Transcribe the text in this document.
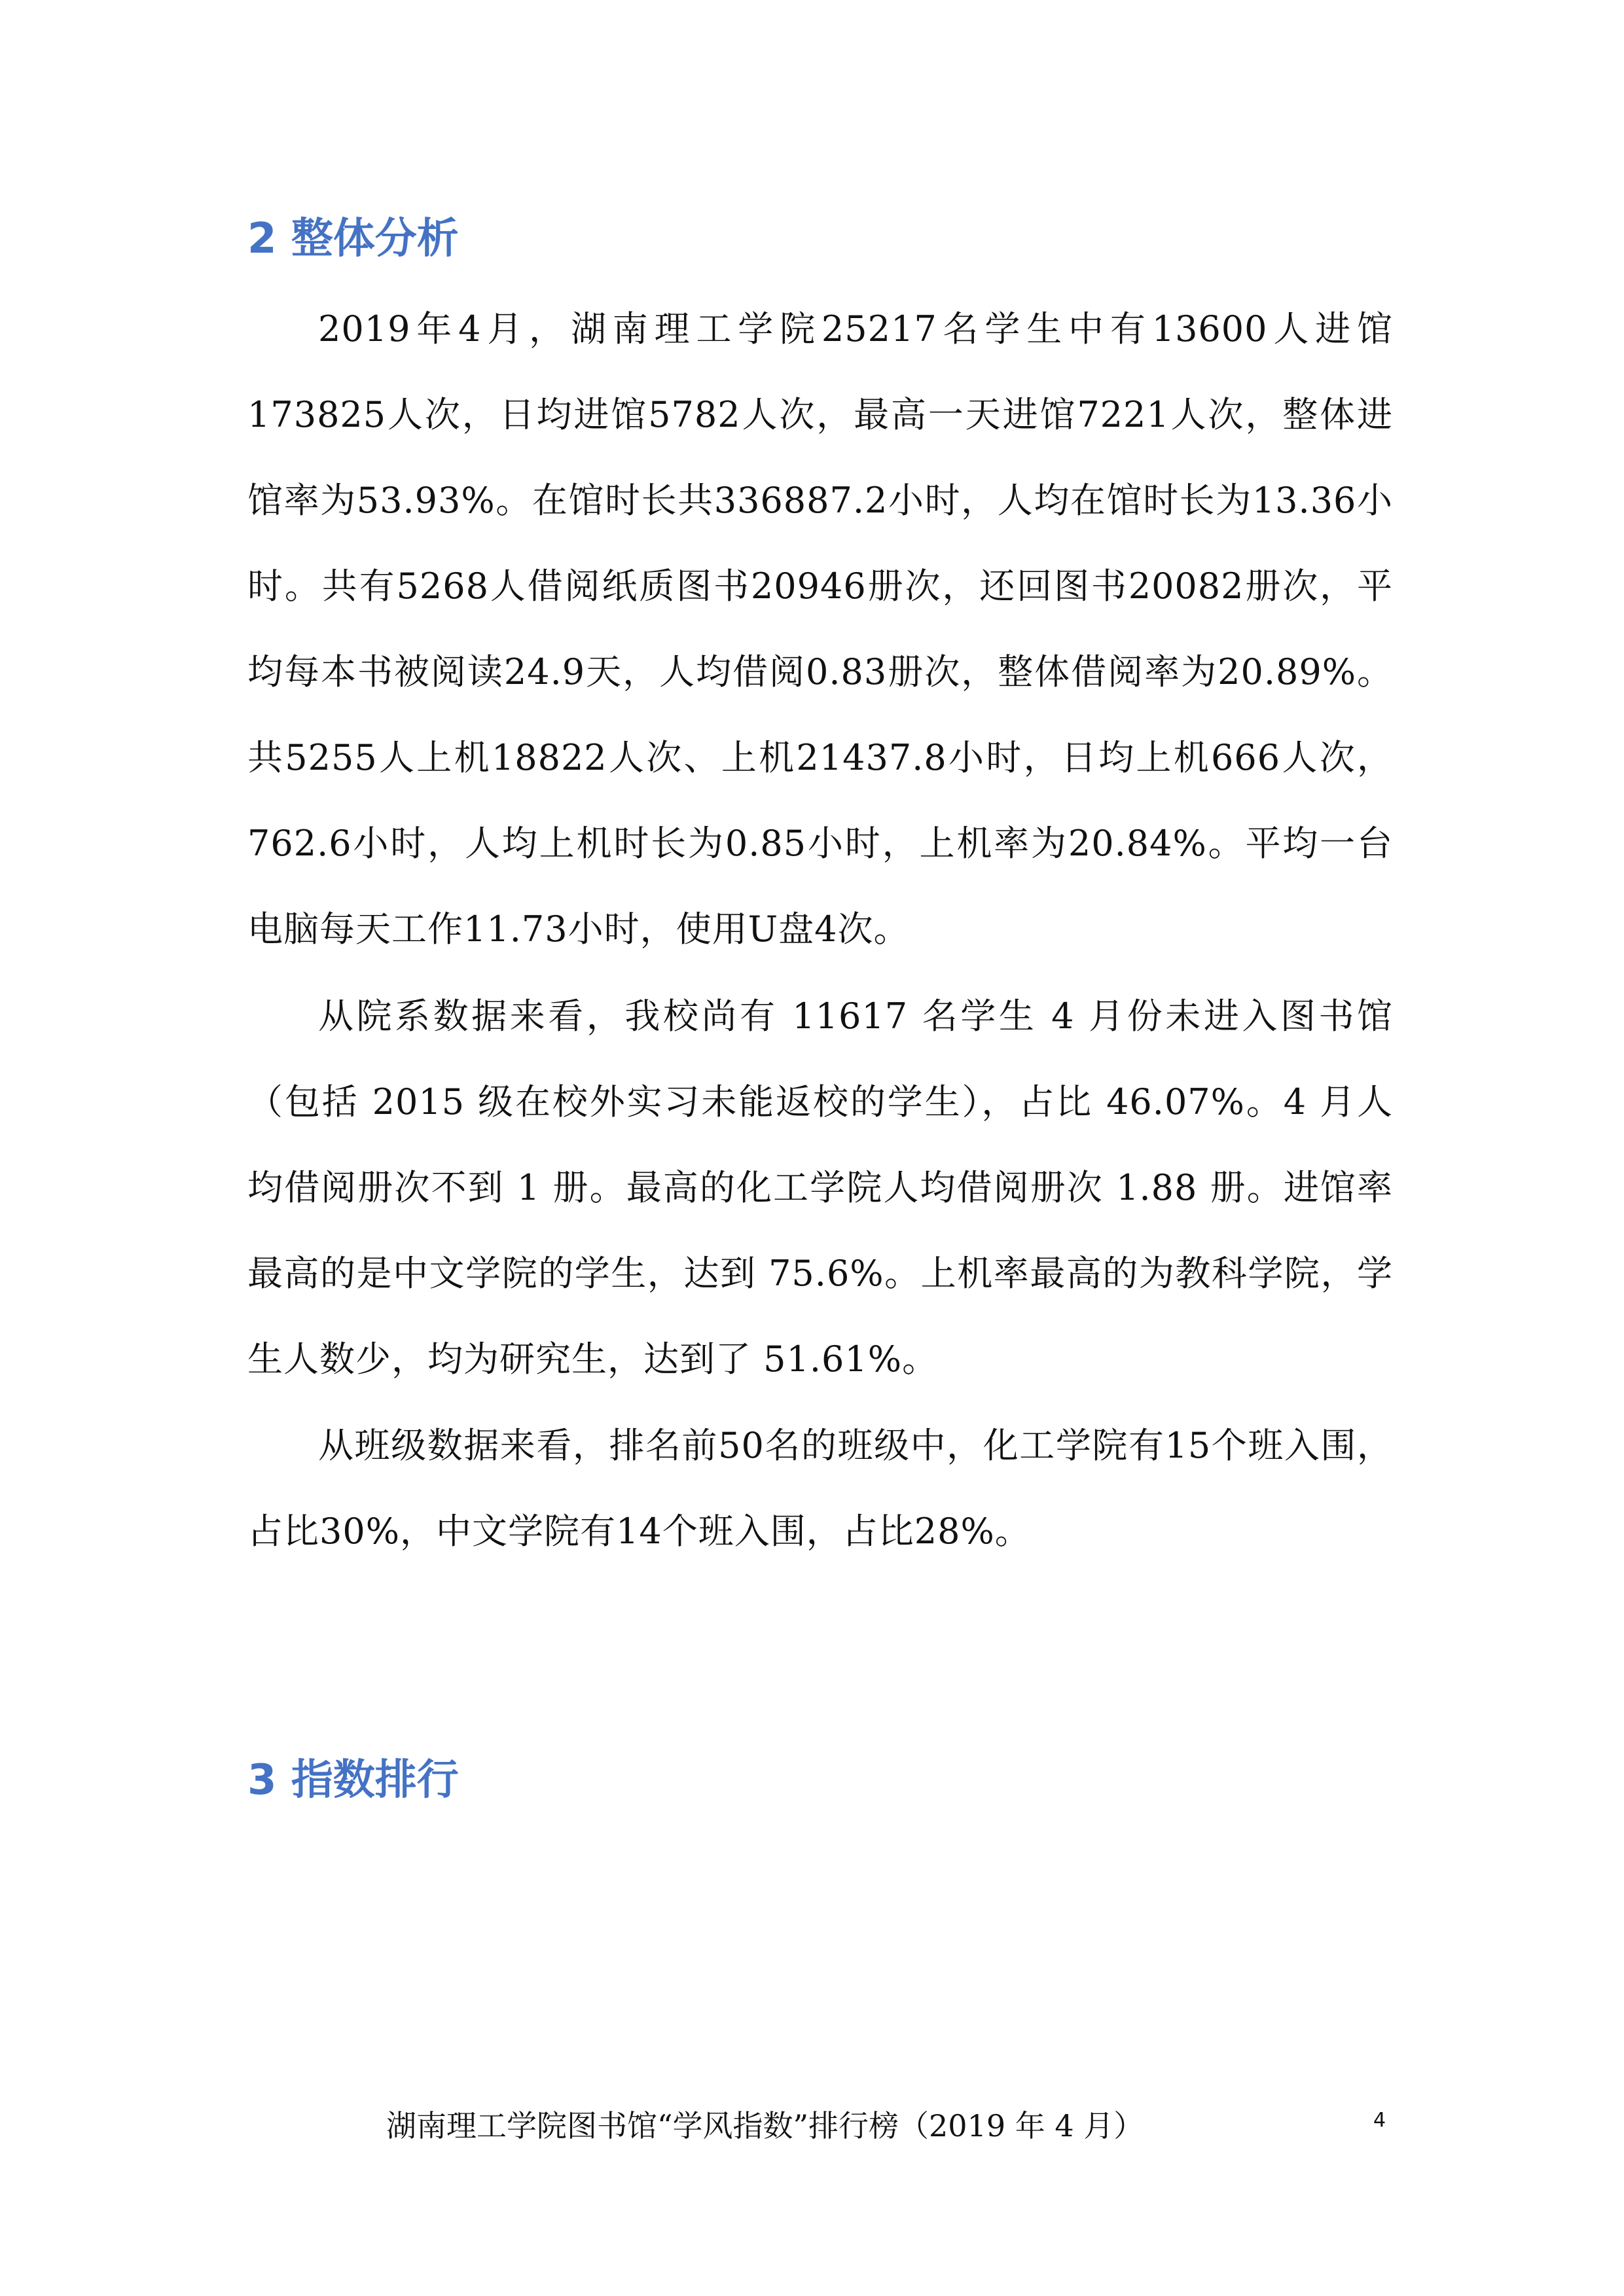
2 整体分析

2019年4月，湖南理工学院25217名学生中有13600人进馆173825人次，日均进馆5782人次，最高一天进馆7221人次，整体进馆率为53.93%。在馆时长共336887.2小时，人均在馆时长为13.36小时。共有5268人借阅纸质图书20946册次，还回图书20082册次，平均每本书被阅读24.9天，人均借阅0.83册次，整体借阅率为20.89%。共5255人上机18822人次、上机21437.8小时，日均上机666人次，762.6小时，人均上机时长为0.85小时，上机率为20.84%。平均一台电脑每天工作11.73小时，使用U盘4次。

从院系数据来看，我校尚有 11617 名学生 4 月份未进入图书馆（包括 2015 级在校外实习未能返校的学生），占比 46.07%。4 月人均借阅册次不到 1 册。最高的化工学院人均借阅册次 1.88 册。进馆率最高的是中文学院的学生，达到 75.6%。上机率最高的为教科学院，学生人数少，均为研究生，达到了 51.61%。

从班级数据来看，排名前50名的班级中，化工学院有15个班入围，占比30%，中文学院有14个班入围，占比28%。

3 指数排行
湖南理工学院图书馆“学风指数”排行榜（2019 年 4 月）	4
